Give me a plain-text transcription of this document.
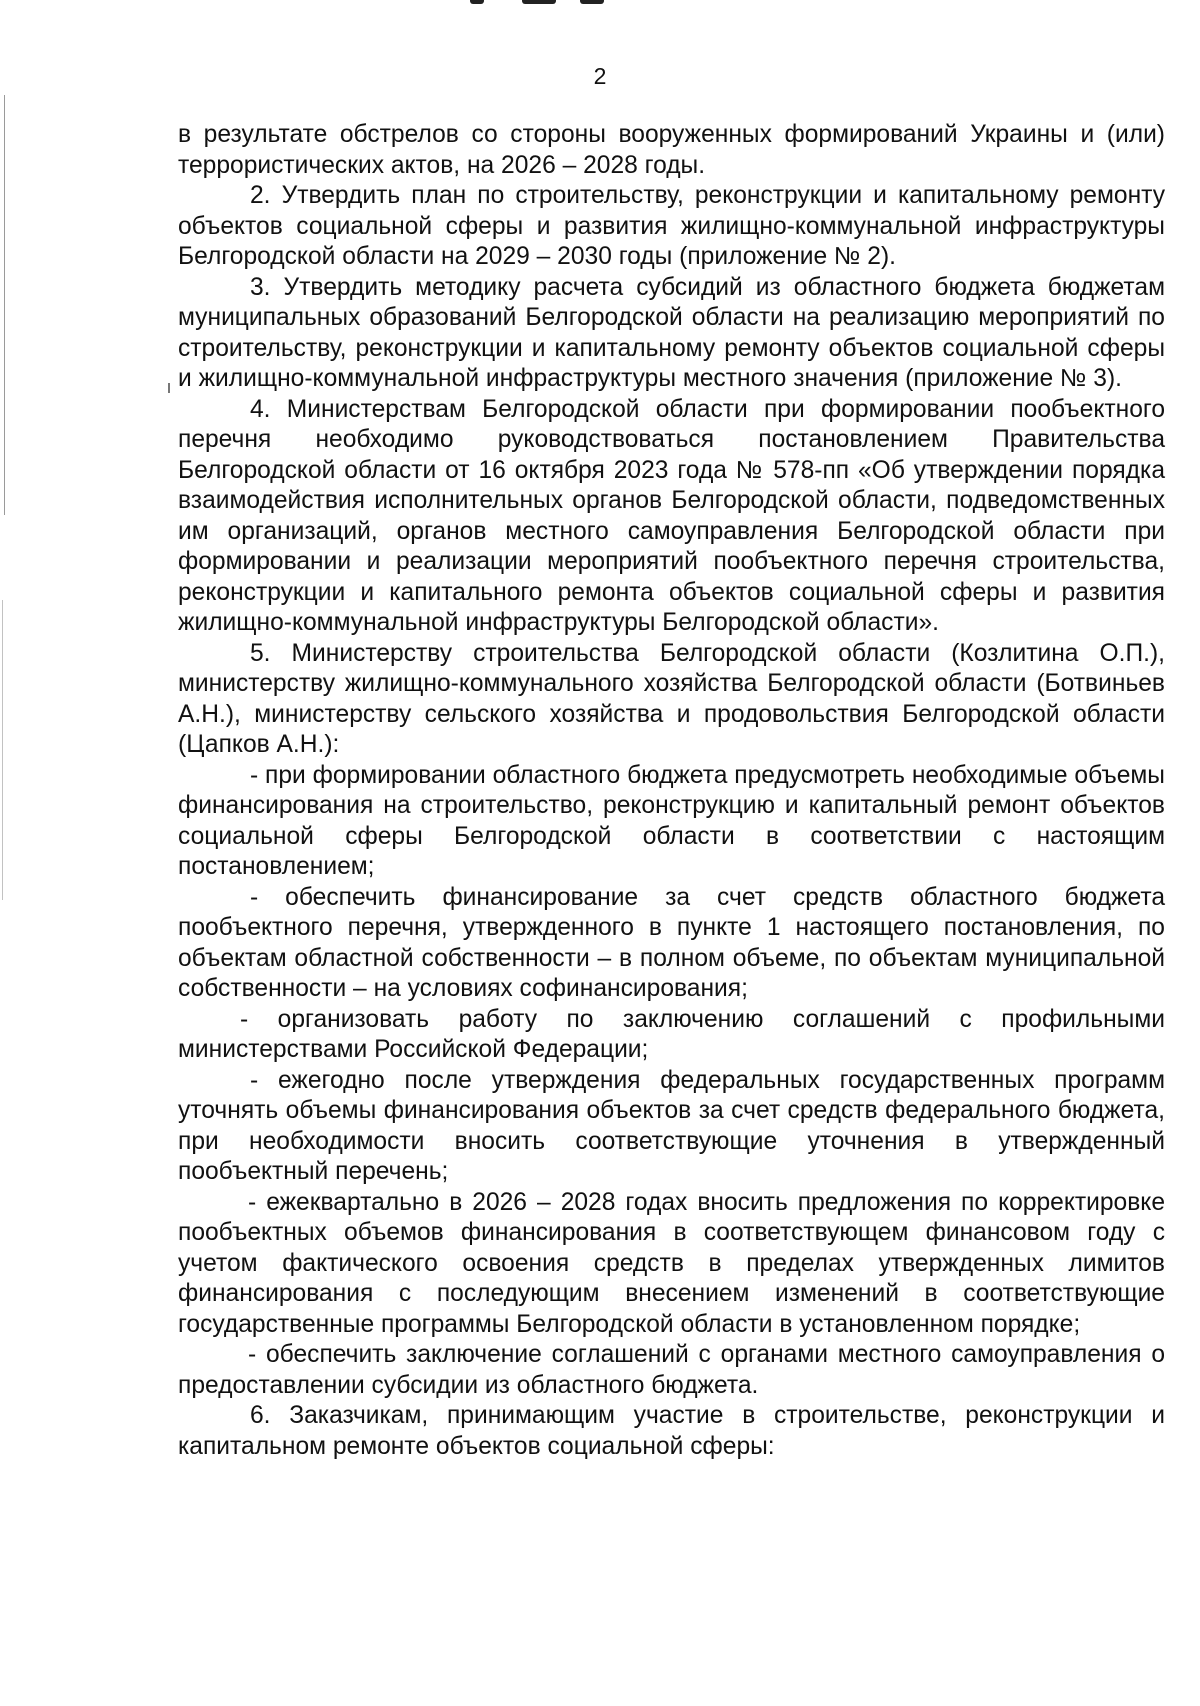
2

в результате обстрелов со стороны вооруженных формирований Украины и (или) террористических актов, на 2026 – 2028 годы.

2. Утвердить план по строительству, реконструкции и капитальному ремонту объектов социальной сферы и развития жилищно-коммунальной инфраструктуры Белгородской области на 2029 – 2030 годы (приложение № 2).

3. Утвердить методику расчета субсидий из областного бюджета бюджетам муниципальных образований Белгородской области на реализацию мероприятий по строительству, реконструкции и капитальному ремонту объектов социальной сферы и жилищно-коммунальной инфраструктуры местного значения (приложение № 3).

4. Министерствам Белгородской области при формировании пообъектного перечня необходимо руководствоваться постановлением Правительства Белгородской области от 16 октября 2023 года № 578-пп «Об утверждении порядка взаимодействия исполнительных органов Белгородской области, подведомственных им организаций, органов местного самоуправления Белгородской области при формировании и реализации мероприятий пообъектного перечня строительства, реконструкции и капитального ремонта объектов социальной сферы и развития жилищно-коммунальной инфраструктуры Белгородской области».

5. Министерству строительства Белгородской области (Козлитина О.П.), министерству жилищно-коммунального хозяйства Белгородской области (Ботвиньев А.Н.), министерству сельского хозяйства и продовольствия Белгородской области (Цапков А.Н.):

- при формировании областного бюджета предусмотреть необходимые объемы финансирования на строительство, реконструкцию и капитальный ремонт объектов социальной сферы Белгородской области в соответствии с настоящим постановлением;

- обеспечить финансирование за счет средств областного бюджета пообъектного перечня, утвержденного в пункте 1 настоящего постановления, по объектам областной собственности – в полном объеме, по объектам муниципальной собственности – на условиях софинансирования;

- организовать работу по заключению соглашений с профильными министерствами Российской Федерации;

- ежегодно после утверждения федеральных государственных программ уточнять объемы финансирования объектов за счет средств федерального бюджета, при необходимости вносить соответствующие уточнения в утвержденный пообъектный перечень;

- ежеквартально в 2026 – 2028 годах вносить предложения по корректировке пообъектных объемов финансирования в соответствующем финансовом году с учетом фактического освоения средств в пределах утвержденных лимитов финансирования с последующим внесением изменений в соответствующие государственные программы Белгородской области в установленном порядке;

- обеспечить заключение соглашений с органами местного самоуправления о предоставлении субсидии из областного бюджета.

6. Заказчикам, принимающим участие в строительстве, реконструкции и капитальном ремонте объектов социальной сферы:
